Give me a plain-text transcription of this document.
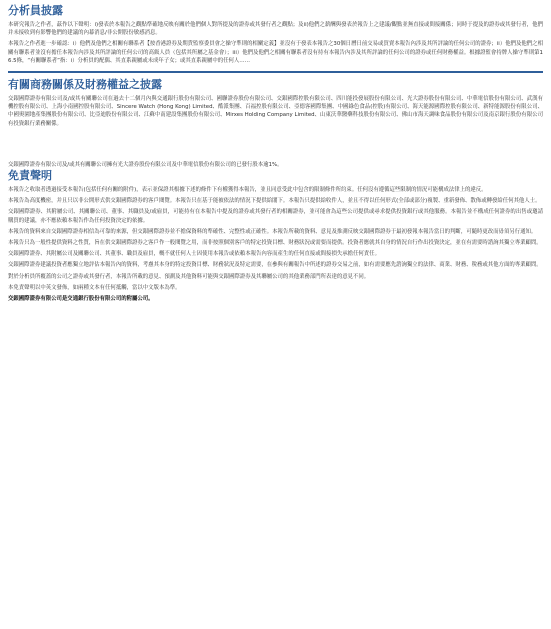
分析員披露

本研究報告之作者，茲作以下聲明：i)發表於本報告之觀點準確地反映有關於他們個人對所提及的證券或其發行者之觀點；及ii)他們之薪酬與發表於報告上之建議/觀點並無直接或間接關係；同時于提及的證券或其發行者，他們并未接收到有影響他們的建議的內幕消息/非公開股份敏感消息。

本報告之作者進一步確認：i）他們及他們之相關有聯系者【按香港證券及期貨監察委員會之操守準則的相關定義】並沒有于發表本報告之30個日曆日前交易或買賣本報告內涉及其所評論的任何公司的證券；ii）他們及他們之相關有聯系者並沒有擔任本報告內涉及其所評論的任何公司的高級人員（包括其所屬之基金會）；iii）他們及他們之相關有聯系者沒有持有本報告內涉及其所評論的任何公司的證券或任何財務權益。根據證監會持牌人操守準則第16.5條，“有關聯系者”指：i）分析員的配偶、其直系親屬或未成年子女；或其直系親屬中的任何人……

有關商務關係及財務權益之披露

交銀國際證券有限公司及/或其有關聯公司在過去十二個月內與交通銀行股份有限公司、國聯證券股份有限公司、交銀國際控股有限公司、四川能投發展股份有限公司、光大證券股份有限公司、中華電信股份有限公司、武漢有機控股有限公司、上海小南國控股有限公司、Sincere Watch (Hong Kong) Limited、酷派集團、百福控股有限公司、亞德客國際集團、中國綠色食品(控股)有限公司、海天能源國際控股有限公司、新特能源股份有限公司、中國奧園地產集團股份有限公司、比亞迪股份有限公司、江蘇中南建設集團股份有限公司、Mirxes Holding Company Limited、山東沃華醫藥科技股份有限公司、佛山市海天調味食品股份有限公司及南京銀行股份有限公司有投資銀行業務關係。

交銀國際證券有限公司及/或其有關聯公司擁有光大證券股份有限公司及中華電信股份有限公司的已發行股本逾1%。

免責聲明

本報告之收取者透過接受本報告(包括任何有關的附件)，表示並保證其根據下述的條件下有權獲得本報告，並且同意受此中包含的限制條件所約束。任何沒有遵循這些限制的情況可能構成法律上的違反。

本報告為高度機密，并且只以非公開形式供交銀國際證券的客戶閱覽。本報告只在基于能被依法的情況下提供給閣下。本報告只提供給收件人，並且不得以任何形式(全部或部分)複製、重新發佈、散佈或轉發給任何其他人士。

交銀國際證券、其附屬公司、其關聯公司、董事、其職員及/或雇員，可能持有在本報告中提及的證券或其發行者的相關證券，並可能會為這些公司提供或尋求提供投資銀行或其他服務。本報告並不構成任何證券的出售或邀請購買的建議，亦不應依賴本報告作為任何投資決定的依據。

本報告的資料來自交銀國際證券相信為可靠的來源，但交銀國際證券並不擔保資料的準確性、完整性或正確性。本報告所載的資料、意見及推測反映交銀國際證券于最初發報本報告當日的判斷，可隨時更改而毋須另行通知。

本報告只為一般性提供資料之性質，旨在供交銀國際證券之客戶作一般閱覽之用，而非按照個別客戶的特定投資目標、財務狀況或需要而提供。投資者應就其自身的情況自行作出投資決定，並在有需要時諮詢其獨立專業顧問。

交銀國際證券、其附屬公司及關聯公司、其董事、職員及雇員，概不就任何人士因使用本報告或依賴本報告內容而產生的任何直接或間接損失承擔任何責任。

交銀國際證券建議投資者應獨立地評估本報告內的資料，考慮其本身的特定投資目標、財務狀況及特定需要，在參與有關報告中所述的證券交易之前，如有需要應先諮詢獨立的法律、商業、財務、稅務或其他方面的專業顧問。

對於分析員所覆蓋的公司之證券或其發行者，本報告所載的意見、預測及其他資料可能與交銀國際證券及其聯屬公司的其他業務部門所表達的意見不同。

本免責聲明以中英文發佈，如兩種文本有任何抵觸，當以中文版本為準。

交銀國際證券有限公司是交通銀行股份有限公司的附屬公司。
